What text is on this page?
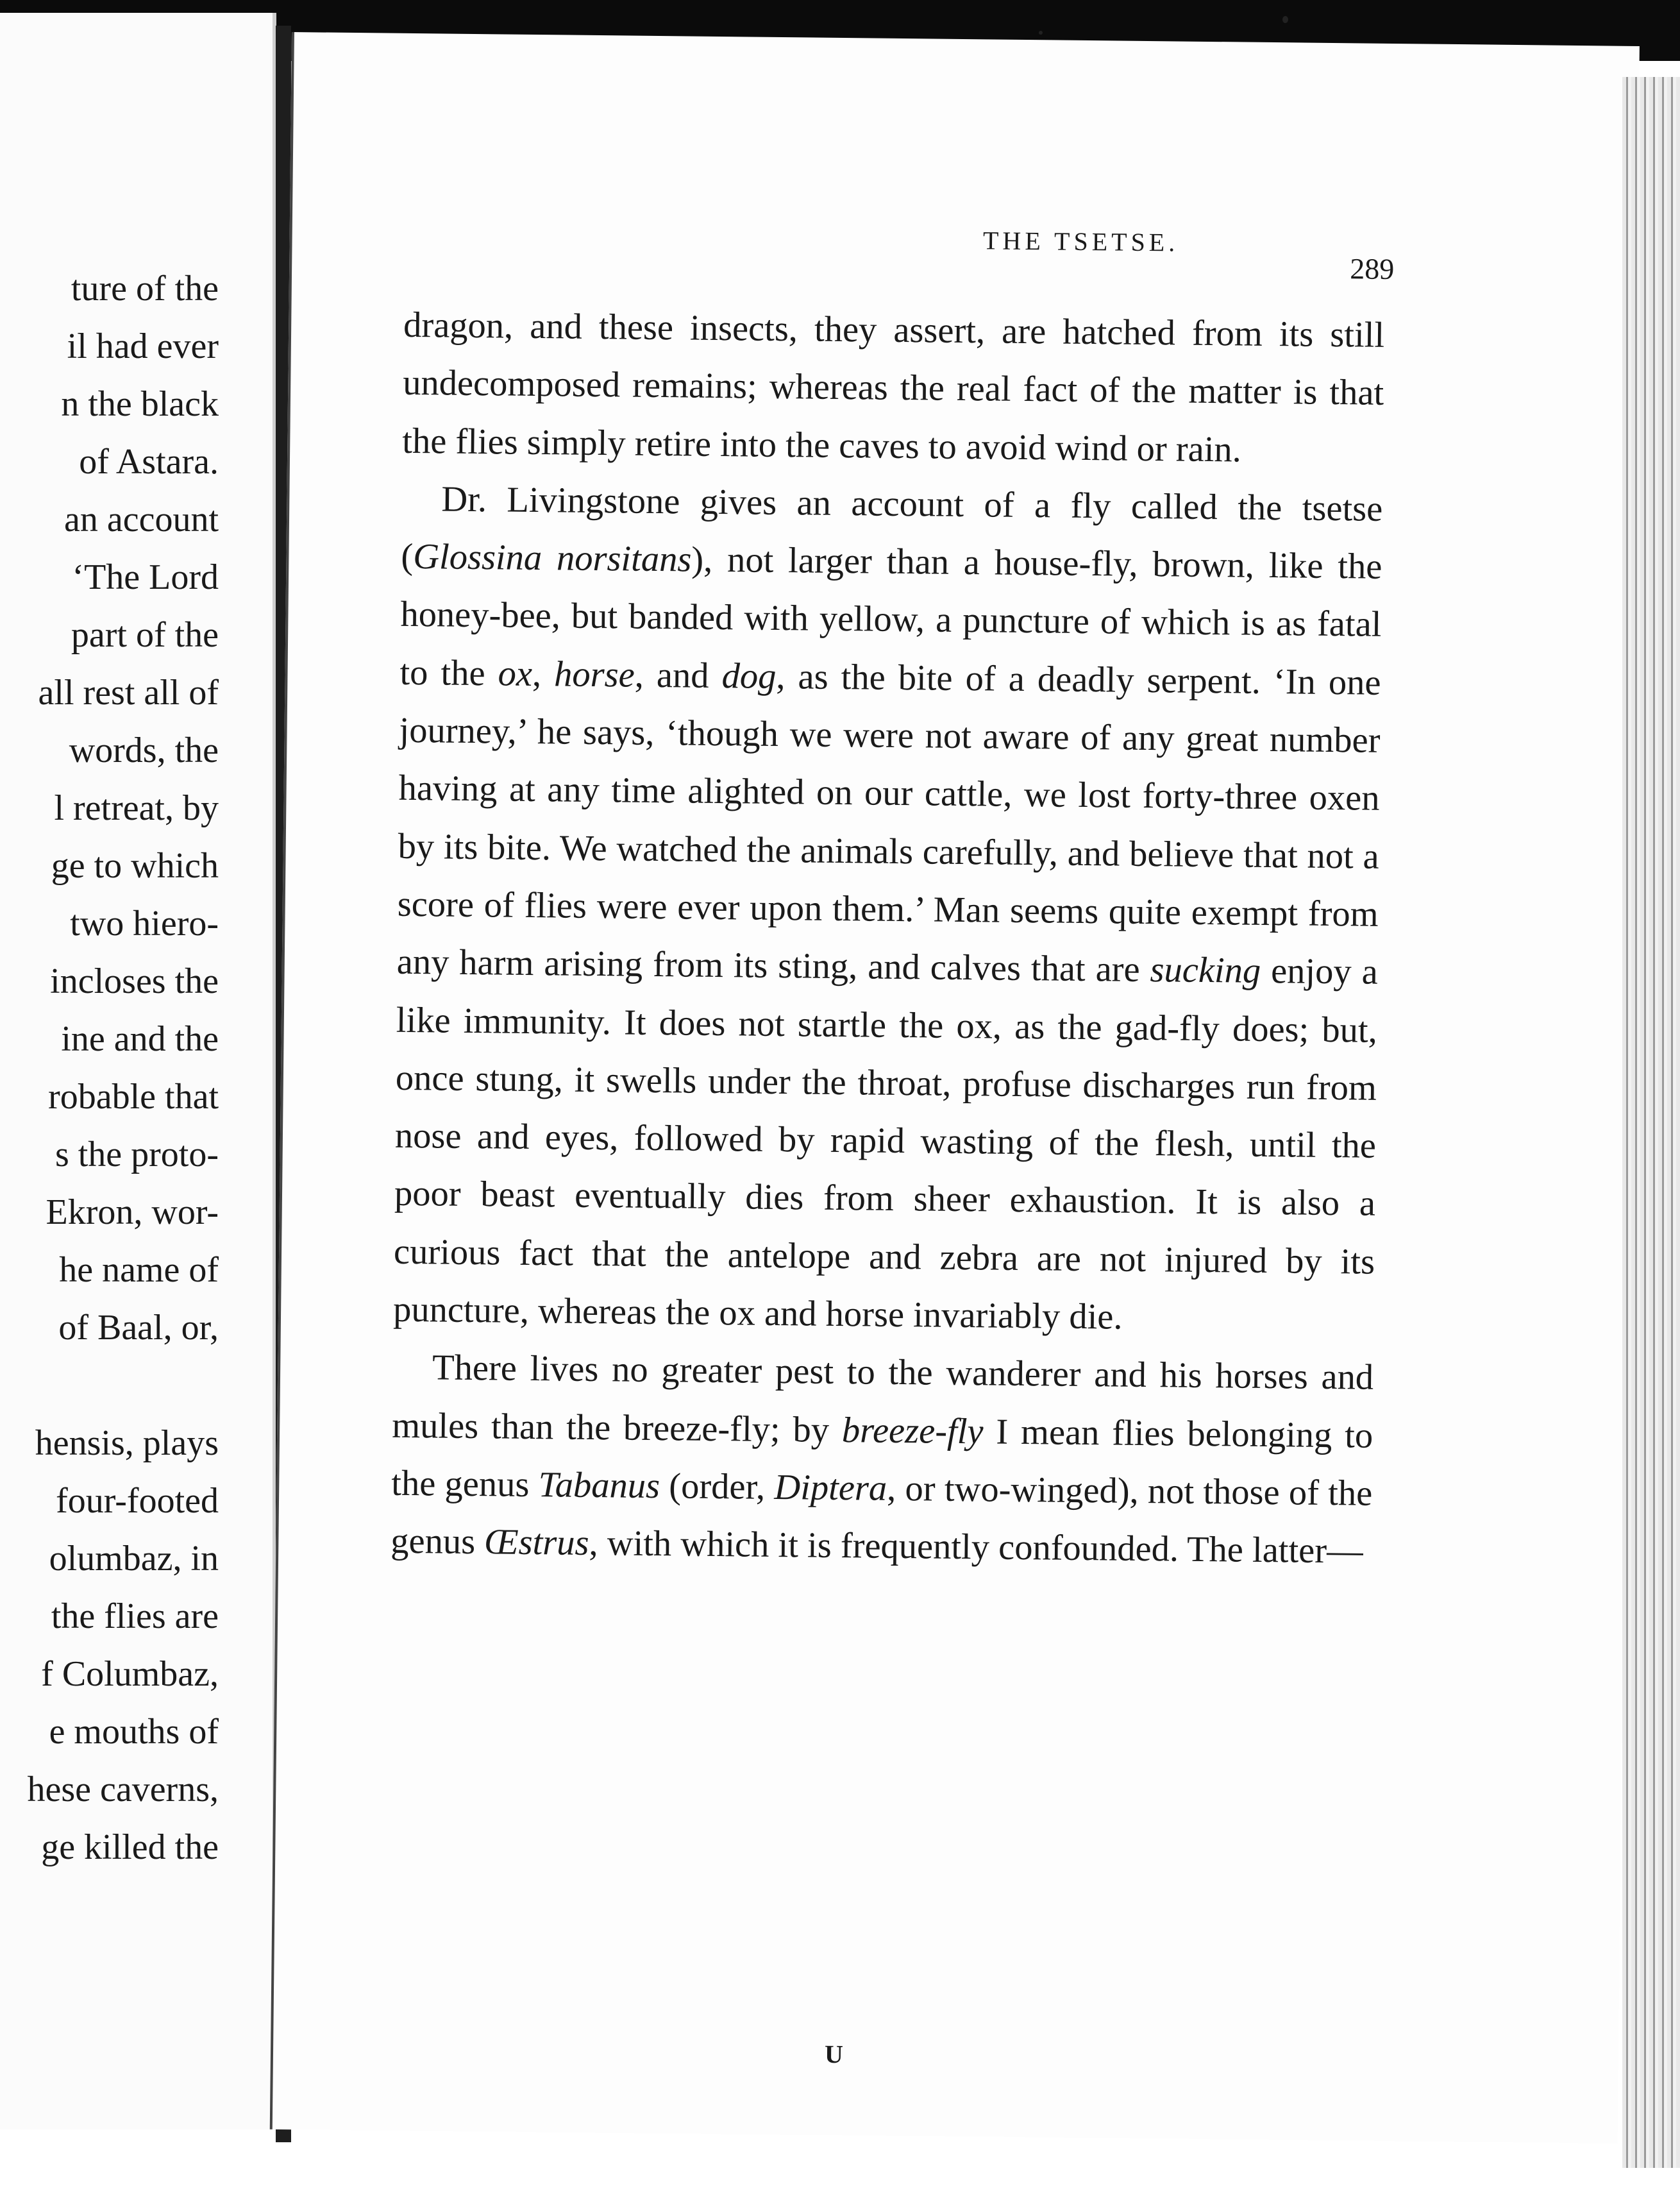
ture of the
il had ever
n the black
of Astara.
an account
‘The Lord
part of the
all rest all of
words, the
l retreat, by
ge to which
two hiero-
incloses the
ine and the
robable that
s the proto-
Ekron, wor-
he name of
of Baal, or,
hensis, plays
four-footed
olumbaz, in
the flies are
f Columbaz,
e mouths of
hese caverns,
ge killed the
THE TSETSE.
289

dragon, and these insects, they assert, are hatched from its still undecomposed remains; whereas the real fact of the matter is that the flies simply retire into the caves to avoid wind or rain.

Dr. Livingstone gives an account of a fly called the tsetse (Glossina norsitans), not larger than a house-fly, brown, like the honey-bee, but banded with yellow, a puncture of which is as fatal to the ox, horse, and dog, as the bite of a deadly serpent. ‘In one journey,’ he says, ‘though we were not aware of any great number having at any time alighted on our cattle, we lost forty-three oxen by its bite. We watched the animals carefully, and believe that not a score of flies were ever upon them.’ Man seems quite exempt from any harm arising from its sting, and calves that are sucking enjoy a like immunity. It does not startle the ox, as the gad-fly does; but, once stung, it swells under the throat, profuse discharges run from nose and eyes, followed by rapid wasting of the flesh, until the poor beast eventually dies from sheer exhaustion. It is also a curious fact that the antelope and zebra are not injured by its puncture, whereas the ox and horse invariably die.

There lives no greater pest to the wanderer and his horses and mules than the breeze-fly; by breeze-fly I mean flies belonging to the genus Tabanus (order, Diptera, or two-winged), not those of the genus Œstrus, with which it is frequently confounded. The latter—

U
